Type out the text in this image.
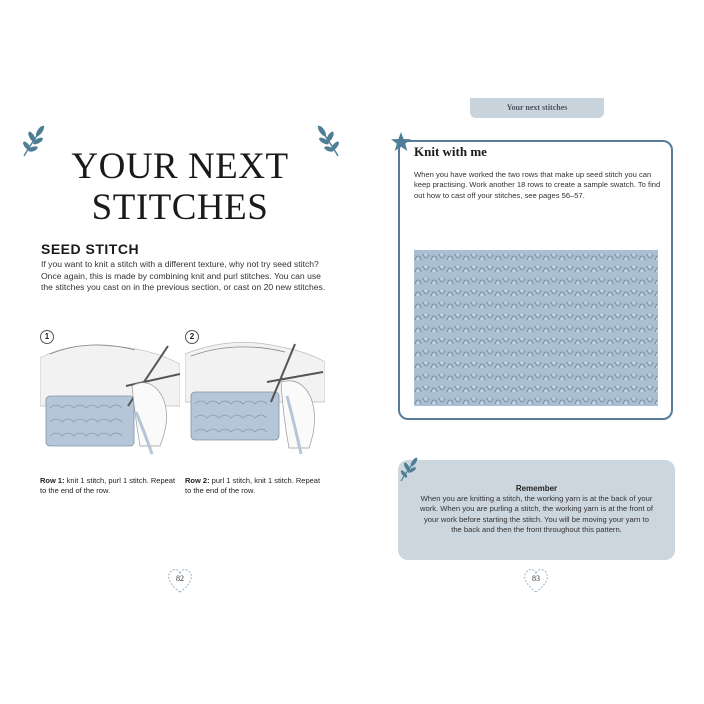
YOUR NEXT
STITCHES
SEED STITCH
If you want to knit a stitch with a different texture, why not try seed stitch? Once again, this is made by combining knit and purl stitches. You can use the stitches you cast on in the previous section, or cast on 20 new stitches.
1
Row 1: knit 1 stitch, purl 1 stitch. Repeat to the end of the row.
2
Row 2: purl 1 stitch, knit 1 stitch. Repeat to the end of the row.
82
Your next stitches
Knit with me

When you have worked the two rows that make up seed stitch you can keep practising. Work another 18 rows to create a sample swatch. To find out how to cast off your stitches, see pages 56–57.

Remember
When you are knitting a stitch, the working yarn is at the back of your work. When you are purling a stitch, the working yarn is at the front of your work before starting the stitch. You will be moving your yarn to the back and then the front throughout this pattern.
83
